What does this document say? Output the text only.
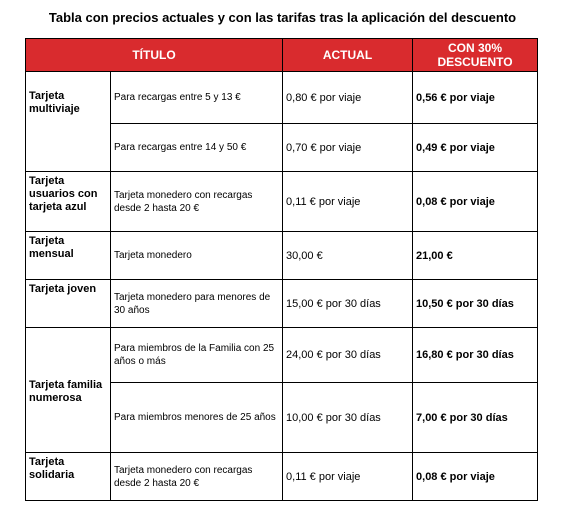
Tabla con precios actuales y con las tarifas tras la aplicación del descuento
TÍTULO		ACTUAL	CON 30% DESCUENTO
Tarjeta multiviaje	Para recargas entre 5 y 13 €	0,80 € por viaje	0,56 € por viaje
	Para recargas entre 14 y 50 €	0,70 € por viaje	0,49 € por viaje
Tarjeta usuarios con tarjeta azul	Tarjeta monedero con recargas desde 2 hasta 20 €	0,11 € por viaje	0,08 € por viaje
Tarjeta mensual	Tarjeta monedero	30,00 €	21,00 €
Tarjeta joven	Tarjeta monedero para menores de 30 años	15,00 € por 30 días	10,50 € por 30 días
Tarjeta familia numerosa	Para miembros de la Familia con 25 años o más	24,00 € por 30 días	16,80 € por 30 días
	Para miembros menores de 25 años	10,00 € por 30 días	7,00 € por 30 días
Tarjeta solidaria	Tarjeta monedero con recargas desde 2 hasta 20 €	0,11 € por viaje	0,08 € por viaje
